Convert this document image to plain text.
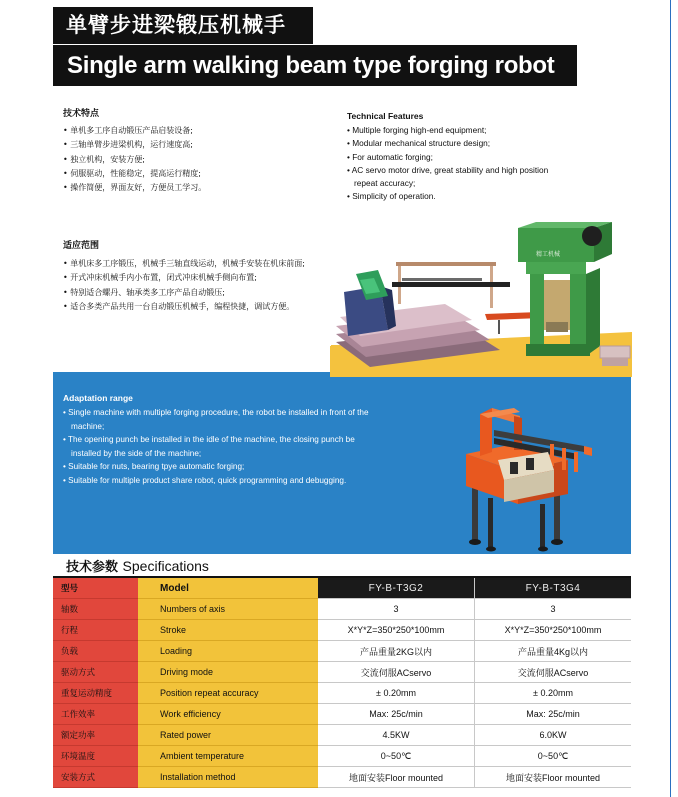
单臂步进梁锻压机械手
Single arm walking beam type forging robot
技术特点
• 单机多工序自动锻压产品启装设备;
• 三轴单臂步进梁机构，运行速度高;
• 独立机构，安装方便;
• 伺服驱动，性能稳定，提高运行精度;
• 操作简便，界面友好，方便员工学习。
Technical Features
• Multiple forging high-end equipment;
• Modular mechanical structure design;
• For automatic forging;
• AC servo motor drive, great stability and high position repeat accuracy;
• Simplicity of operation.
适应范围
• 单机床多工序锻压，机械手三轴直线运动，机械手安装在机床前面;
• 开式冲床机械手内小布置，闭式冲床机械手侧向布置;
• 特别适合螺丹、轴承类多工序产品自动锻压;
• 适合多类产品共用一台自动锻压机械手，编程快捷，调试方便。
精工机械
Adaptation range
• Single machine with multiple forging procedure, the robot be installed in front of the machine;
• The opening punch be installed in the idle of the machine, the closing punch be installed by the side of the machine;
• Suitable for nuts, bearing tpye automatic forging;
• Suitable for multiple product share robot, quick programming and debugging.
技术参数 Specifications
型号	Model	FY-B-T3G2	FY-B-T3G4
轴数	Numbers of axis	3	3
行程	Stroke	X*Y*Z=350*250*100mm	X*Y*Z=350*250*100mm
负载	Loading	产品重量2KG以内	产品重量4Kg以内
驱动方式	Driving mode	交流伺服ACservo	交流伺服ACservo
重复运动精度	Position repeat accuracy	± 0.20mm	± 0.20mm
工作效率	Work efficiency	Max: 25c/min	Max: 25c/min
额定功率	Rated power	4.5KW	6.0KW
环境温度	Ambient temperature	0~50℃	0~50℃
安装方式	Installation method	地面安装Floor mounted	地面安装Floor mounted
